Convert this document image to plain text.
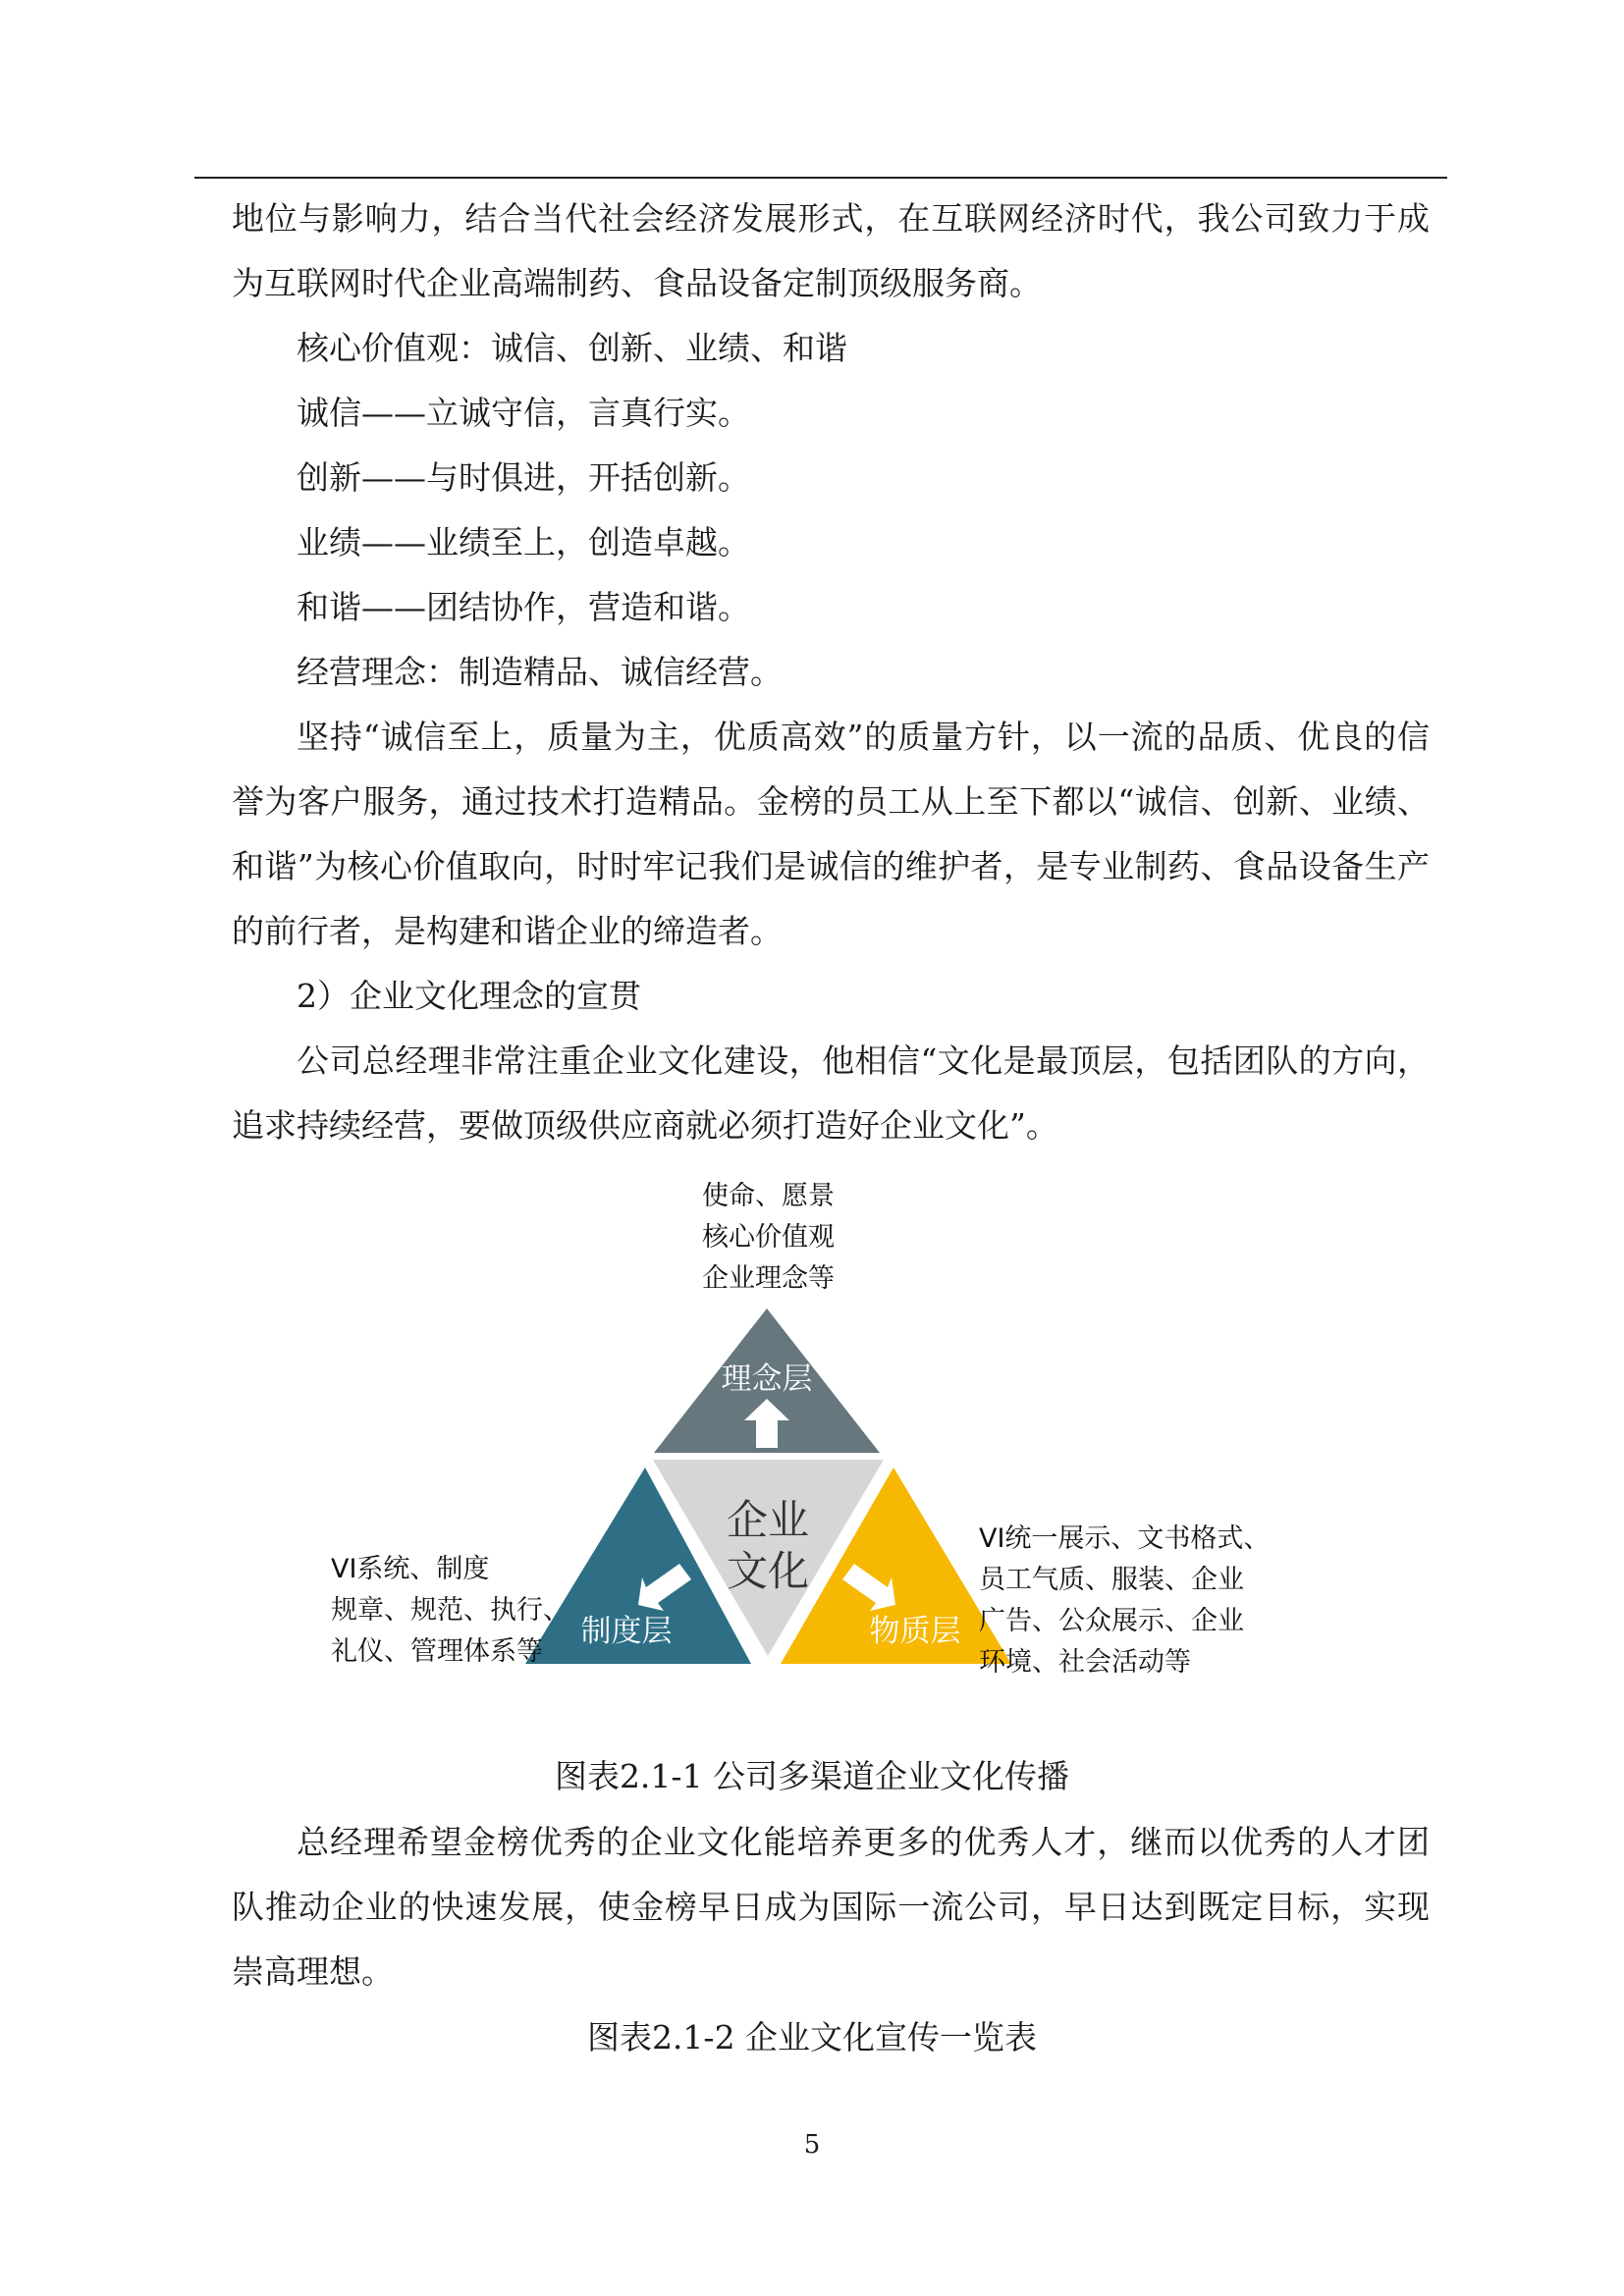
地位与影响力，结合当代社会经济发展形式，在互联网经济时代，我公司致力于成为互联网时代企业高端制药、食品设备定制顶级服务商。

核心价值观：诚信、创新、业绩、和谐

诚信——立诚守信，言真行实。

创新——与时俱进，开括创新。

业绩——业绩至上，创造卓越。

和谐——团结协作，营造和谐。

经营理念：制造精品、诚信经营。

坚持“诚信至上，质量为主，优质高效”的质量方针，以一流的品质、优良的信誉为客户服务，通过技术打造精品。金榜的员工从上至下都以“诚信、创新、业绩、和谐”为核心价值取向，时时牢记我们是诚信的维护者，是专业制药、食品设备生产的前行者，是构建和谐企业的缔造者。

2）企业文化理念的宣贯

公司总经理非常注重企业文化建设，他相信“文化是最顶层，包括团队的方向，追求持续经营，要做顶级供应商就必须打造好企业文化”。

理念层
制度层	物质层
企业
文化
使命、愿景
核心价值观
企业理念等
VI系统、制度
规章、规范、执行、
礼仪、管理体系等
VI统一展示、文书格式、
员工气质、服装、企业
广告、公众展示、企业
环境、社会活动等
图表2.1-1 公司多渠道企业文化传播

总经理希望金榜优秀的企业文化能培养更多的优秀人才，继而以优秀的人才团队推动企业的快速发展，使金榜早日成为国际一流公司，早日达到既定目标，实现崇高理想。

图表2.1-2 企业文化宣传一览表
5
